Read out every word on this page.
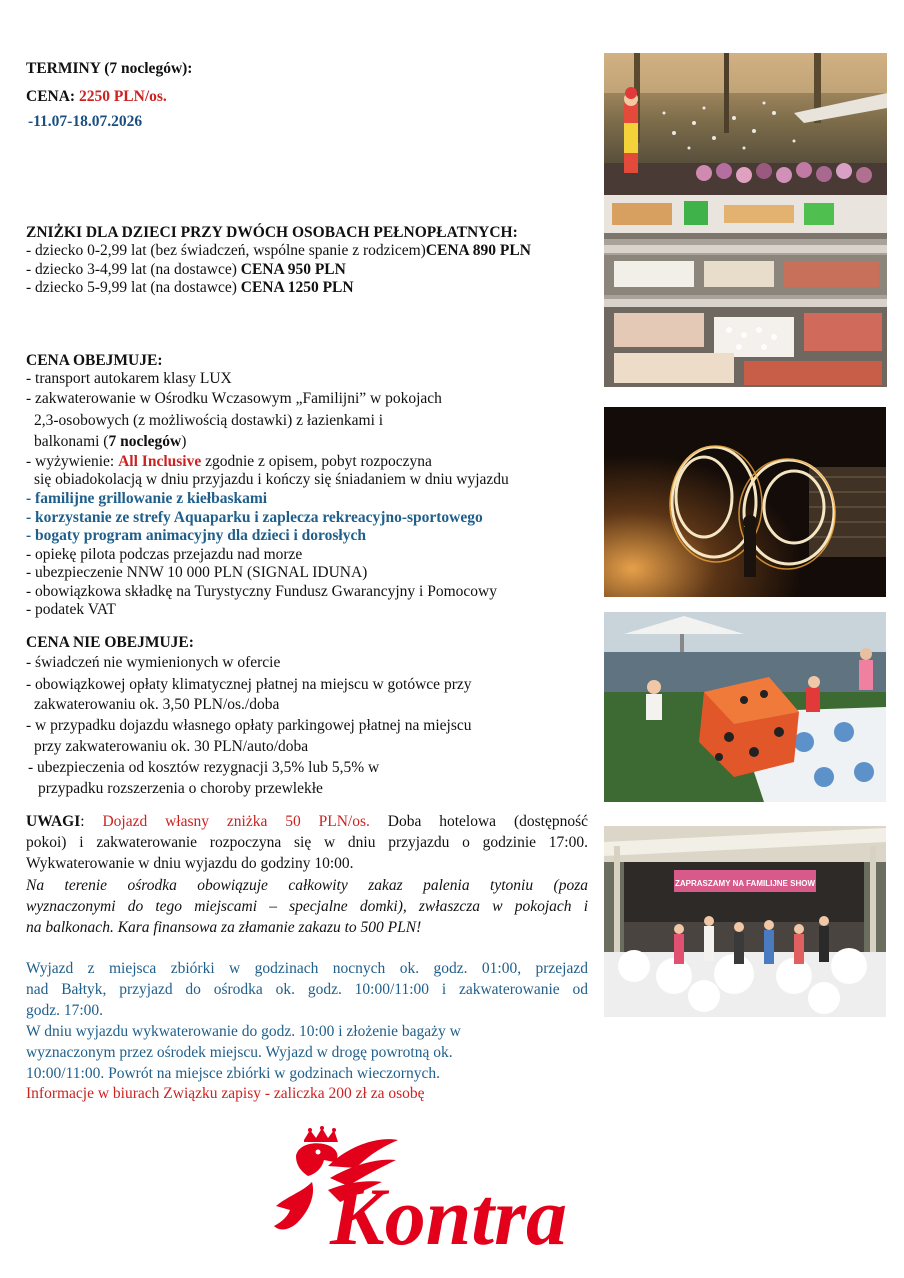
TERMINY (7 noclegów):
CENA: 2250 PLN/os.
-11.07-18.07.2026
ZNIŻKI DLA DZIECI PRZY DWÓCH OSOBACH PEŁNOPŁATNYCH:
- dziecko 0-2,99 lat (bez świadczeń, wspólne spanie z rodzicem)CENA 890 PLN
- dziecko 3-4,99 lat (na dostawce) CENA 950 PLN
- dziecko 5-9,99 lat (na dostawce) CENA 1250 PLN
CENA OBEJMUJE:
- transport autokarem klasy LUX
- zakwaterowanie w Ośrodku Wczasowym „Familijni” w pokojach
2,3-osobowych (z możliwością dostawki) z łazienkami i
balkonami (7 noclegów)
- wyżywienie: All Inclusive zgodnie z opisem, pobyt rozpoczyna
się obiadokolacją w dniu przyjazdu i kończy się śniadaniem w dniu wyjazdu
- familijne grillowanie z kiełbaskami
- korzystanie ze strefy Aquaparku i zaplecza rekreacyjno-sportowego
- bogaty program animacyjny dla dzieci i dorosłych
- opiekę pilota podczas przejazdu nad morze
- ubezpieczenie NNW 10 000 PLN (SIGNAL IDUNA)
- obowiązkowa składkę na Turystyczny Fundusz Gwarancyjny i Pomocowy
- podatek VAT
CENA NIE OBEJMUJE:
- świadczeń nie wymienionych w ofercie
- obowiązkowej opłaty klimatycznej płatnej na miejscu w gotówce przy
zakwaterowaniu ok. 3,50 PLN/os./doba
- w przypadku dojazdu własnego opłaty parkingowej płatnej na miejscu
przy zakwaterowaniu ok. 30 PLN/auto/doba
- ubezpieczenia od kosztów rezygnacji 3,5% lub 5,5% w
przypadku rozszerzenia o choroby przewlekłe
UWAGI: Dojazd własny zniżka 50 PLN/os. Doba hotelowa (dostępność
pokoi) i zakwaterowanie rozpoczyna się w dniu przyjazdu o godzinie 17:00.
Wykwaterowanie w dniu wyjazdu do godziny 10:00.
Na terenie ośrodka obowiązuje całkowity zakaz palenia tytoniu (poza
wyznaczonymi do tego miejscami – specjalne domki), zwłaszcza w pokojach i
na balkonach. Kara finansowa za złamanie zakazu to 500 PLN!
Wyjazd z miejsca zbiórki w godzinach nocnych ok. godz. 01:00, przejazd
nad Bałtyk, przyjazd do ośrodka ok. godz. 10:00/11:00 i zakwaterowanie od
godz. 17:00.
W dniu wyjazdu wykwaterowanie do godz. 10:00 i złożenie bagaży w
wyznaczonym przez ośrodek miejscu. Wyjazd w drogę powrotną ok.
10:00/11:00. Powrót na miejsce zbiórki w godzinach wieczornych.
Informacje w biurach Związku zapisy - zaliczka 200 zł za osobę
ZAPRASZAMY NA FAMILIJNE SHOW
Kontra
